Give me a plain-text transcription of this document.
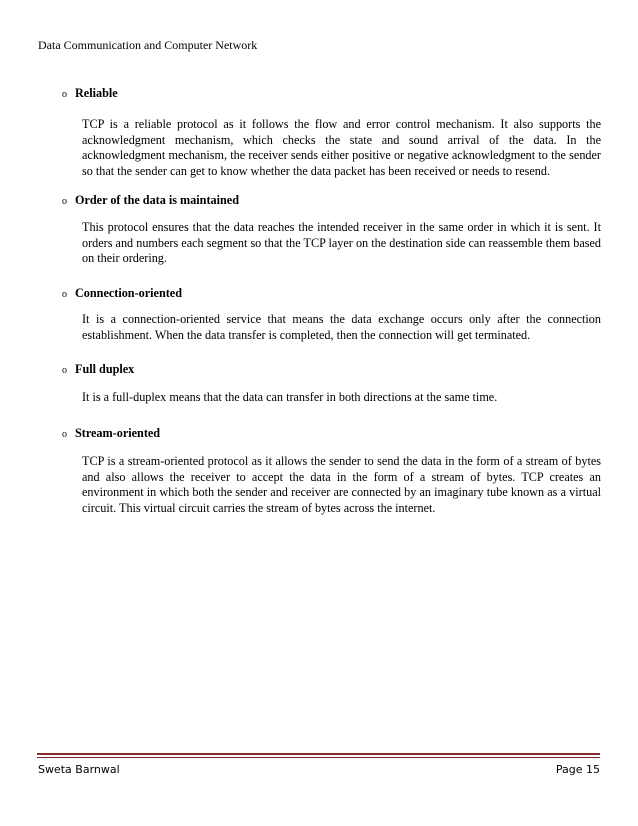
Data Communication and Computer Network
o Reliable
TCP is a reliable protocol as it follows the flow and error control mechanism. It also supports the acknowledgment mechanism, which checks the state and sound arrival of the data. In the acknowledgment mechanism, the receiver sends either positive or negative acknowledgment to the sender so that the sender can get to know whether the data packet has been received or needs to resend.
o Order of the data is maintained
This protocol ensures that the data reaches the intended receiver in the same order in which it is sent. It orders and numbers each segment so that the TCP layer on the destination side can reassemble them based on their ordering.
o Connection-oriented
It is a connection-oriented service that means the data exchange occurs only after the connection establishment. When the data transfer is completed, then the connection will get terminated.
o Full duplex
It is a full-duplex means that the data can transfer in both directions at the same time.
o Stream-oriented
TCP is a stream-oriented protocol as it allows the sender to send the data in the form of a stream of bytes and also allows the receiver to accept the data in the form of a stream of bytes. TCP creates an environment in which both the sender and receiver are connected by an imaginary tube known as a virtual circuit. This virtual circuit carries the stream of bytes across the internet.
Sweta Barnwal	Page 15
